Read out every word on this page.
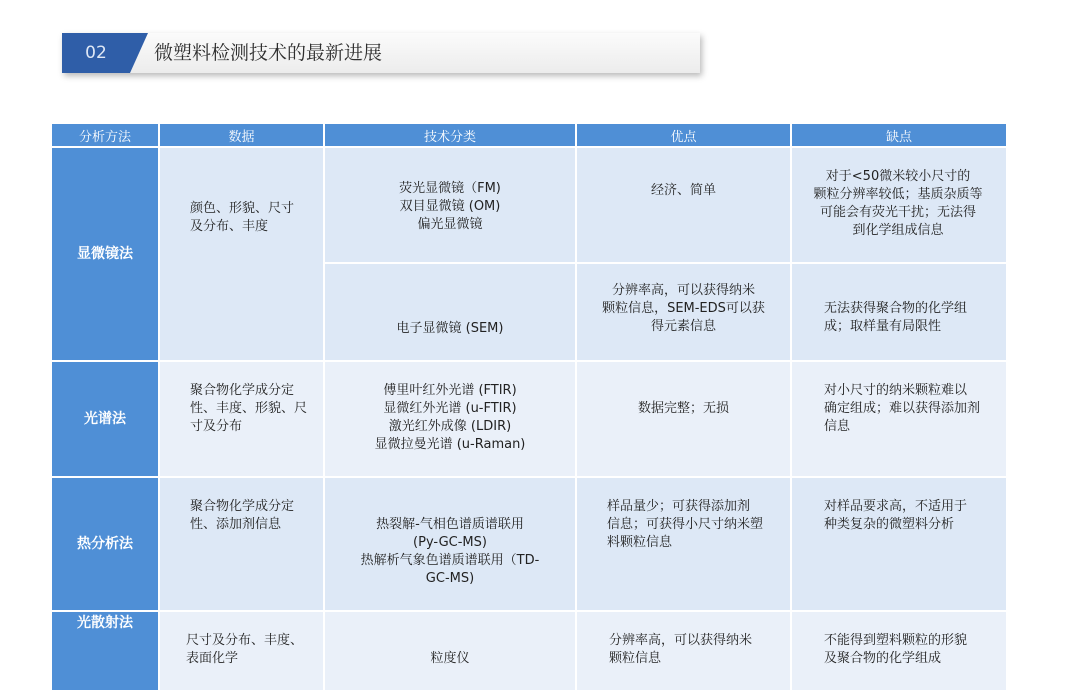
02	微塑料检测技术的最新进展
分析方法	数据	技术分类	优点	缺点
显微镜法	颜色、形貌、尺寸
及分布、丰度	荧光显微镜（FM)
双目显微镜 (OM)
偏光显微镜	经济、简单	对于<50微米较小尺寸的
颗粒分辨率较低；基质杂质等
可能会有荧光干扰；无法得
到化学组成信息

		电子显微镜 (SEM)	分辨率高，可以获得纳米
颗粒信息，SEM-EDS可以获
得元素信息	无法获得聚合物的化学组
成；取样量有局限性

光谱法	聚合物化学成分定
性、丰度、形貌、尺
寸及分布	傅里叶红外光谱 (FTIR)
显微红外光谱 (u-FTIR)
激光红外成像 (LDIR)
显微拉曼光谱 (u-Raman)	数据完整；无损	对小尺寸的纳米颗粒难以
确定组成；难以获得添加剂
信息

热分析法	聚合物化学成分定
性、添加剂信息	热裂解-气相色谱质谱联用
(Py-GC-MS)
热解析气象色谱质谱联用（TD-
GC-MS)	样品量少；可获得添加剂
信息；可获得小尺寸纳米塑
料颗粒信息	对样品要求高，不适用于
种类复杂的微塑料分析

光散射法	尺寸及分布、丰度、
表面化学	粒度仪	分辨率高，可以获得纳米
颗粒信息	不能得到塑料颗粒的形貌
及聚合物的化学组成
